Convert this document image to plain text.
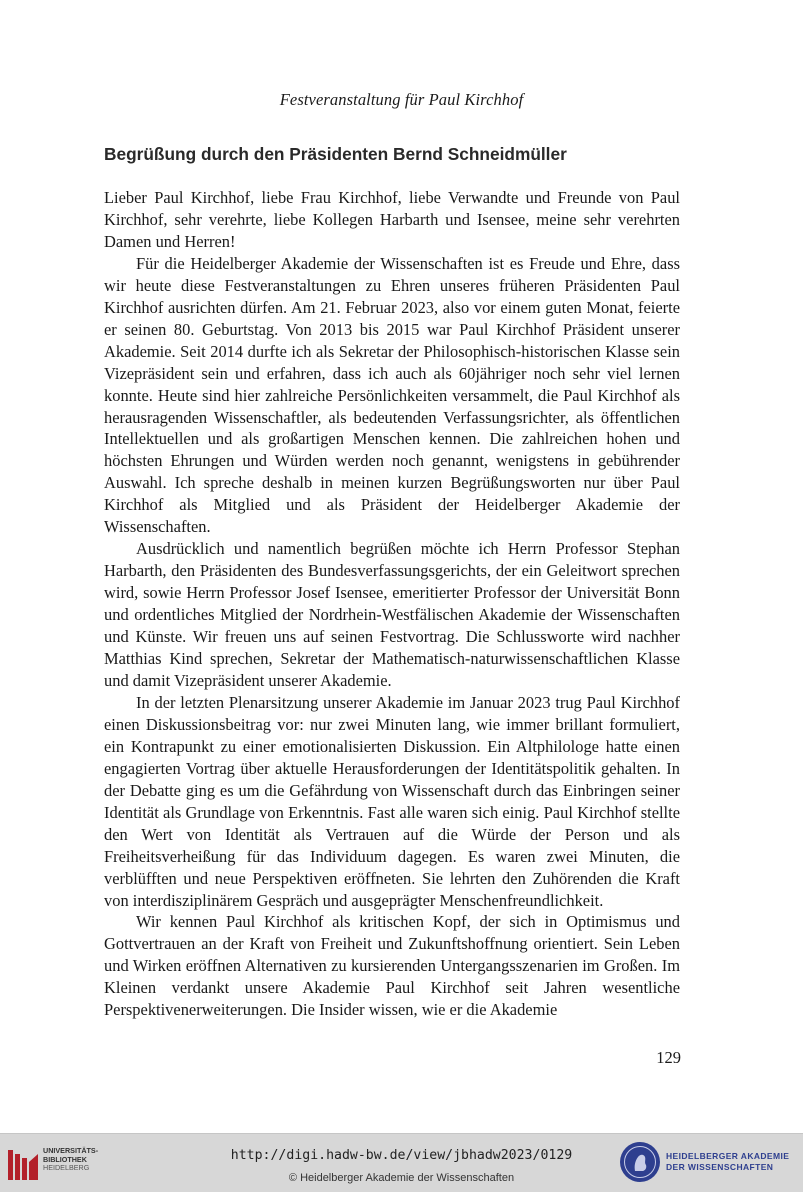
Festveranstaltung für Paul Kirchhof
Begrüßung durch den Präsidenten Bernd Schneidmüller

Lieber Paul Kirchhof, liebe Frau Kirchhof, liebe Verwandte und Freunde von Paul Kirchhof, sehr verehrte, liebe Kollegen Harbarth und Isensee, meine sehr verehrten Damen und Herren!

Für die Heidelberger Akademie der Wissenschaften ist es Freude und Ehre, dass wir heute diese Festveranstaltungen zu Ehren unseres früheren Präsidenten Paul Kirchhof ausrichten dürfen. Am 21. Februar 2023, also vor einem guten Monat, feierte er seinen 80. Geburtstag. Von 2013 bis 2015 war Paul Kirchhof Präsident unserer Akademie. Seit 2014 durfte ich als Sekretar der Philosophisch-historischen Klasse sein Vizepräsident sein und erfahren, dass ich auch als 60jähriger noch sehr viel lernen konnte. Heute sind hier zahlreiche Persönlichkeiten versammelt, die Paul Kirchhof als herausragenden Wissenschaftler, als bedeutenden Verfassungsrichter, als öffentlichen Intellektuellen und als großartigen Menschen kennen. Die zahlreichen hohen und höchsten Ehrungen und Würden werden noch genannt, wenigstens in gebührender Auswahl. Ich spreche deshalb in meinen kurzen Begrüßungsworten nur über Paul Kirchhof als Mitglied und als Präsident der Heidelberger Akademie der Wissenschaften.

Ausdrücklich und namentlich begrüßen möchte ich Herrn Professor Stephan Harbarth, den Präsidenten des Bundesverfassungsgerichts, der ein Geleitwort sprechen wird, sowie Herrn Professor Josef Isensee, emeritierter Professor der Universität Bonn und ordentliches Mitglied der Nordrhein-Westfälischen Akademie der Wissenschaften und Künste. Wir freuen uns auf seinen Festvortrag. Die Schlussworte wird nachher Matthias Kind sprechen, Sekretar der Mathematisch-naturwissenschaftlichen Klasse und damit Vizepräsident unserer Akademie.

In der letzten Plenarsitzung unserer Akademie im Januar 2023 trug Paul Kirchhof einen Diskussionsbeitrag vor: nur zwei Minuten lang, wie immer brillant formuliert, ein Kontrapunkt zu einer emotionalisierten Diskussion. Ein Altphilologe hatte einen engagierten Vortrag über aktuelle Herausforderungen der Identitätspolitik gehalten. In der Debatte ging es um die Gefährdung von Wissenschaft durch das Einbringen seiner Identität als Grundlage von Erkenntnis. Fast alle waren sich einig. Paul Kirchhof stellte den Wert von Identität als Vertrauen auf die Würde der Person und als Freiheitsverheißung für das Individuum dagegen. Es waren zwei Minuten, die verblüfften und neue Perspektiven eröffneten. Sie lehrten den Zuhörenden die Kraft von interdisziplinärem Gespräch und ausgeprägter Menschenfreundlichkeit.

Wir kennen Paul Kirchhof als kritischen Kopf, der sich in Optimismus und Gottvertrauen an der Kraft von Freiheit und Zukunftshoffnung orientiert. Sein Leben und Wirken eröffnen Alternativen zu kursierenden Untergangsszenarien im Großen. Im Kleinen verdankt unsere Akademie Paul Kirchhof seit Jahren wesentliche Perspektivenerweiterungen. Die Insider wissen, wie er die Akademie

129
UNIVERSITÄTS-
BIBLIOTHEK
HEIDELBERG
http://digi.hadw-bw.de/view/jbhadw2023/0129
© Heidelberger Akademie der Wissenschaften
HEIDELBERGER AKADEMIE
DER WISSENSCHAFTEN
